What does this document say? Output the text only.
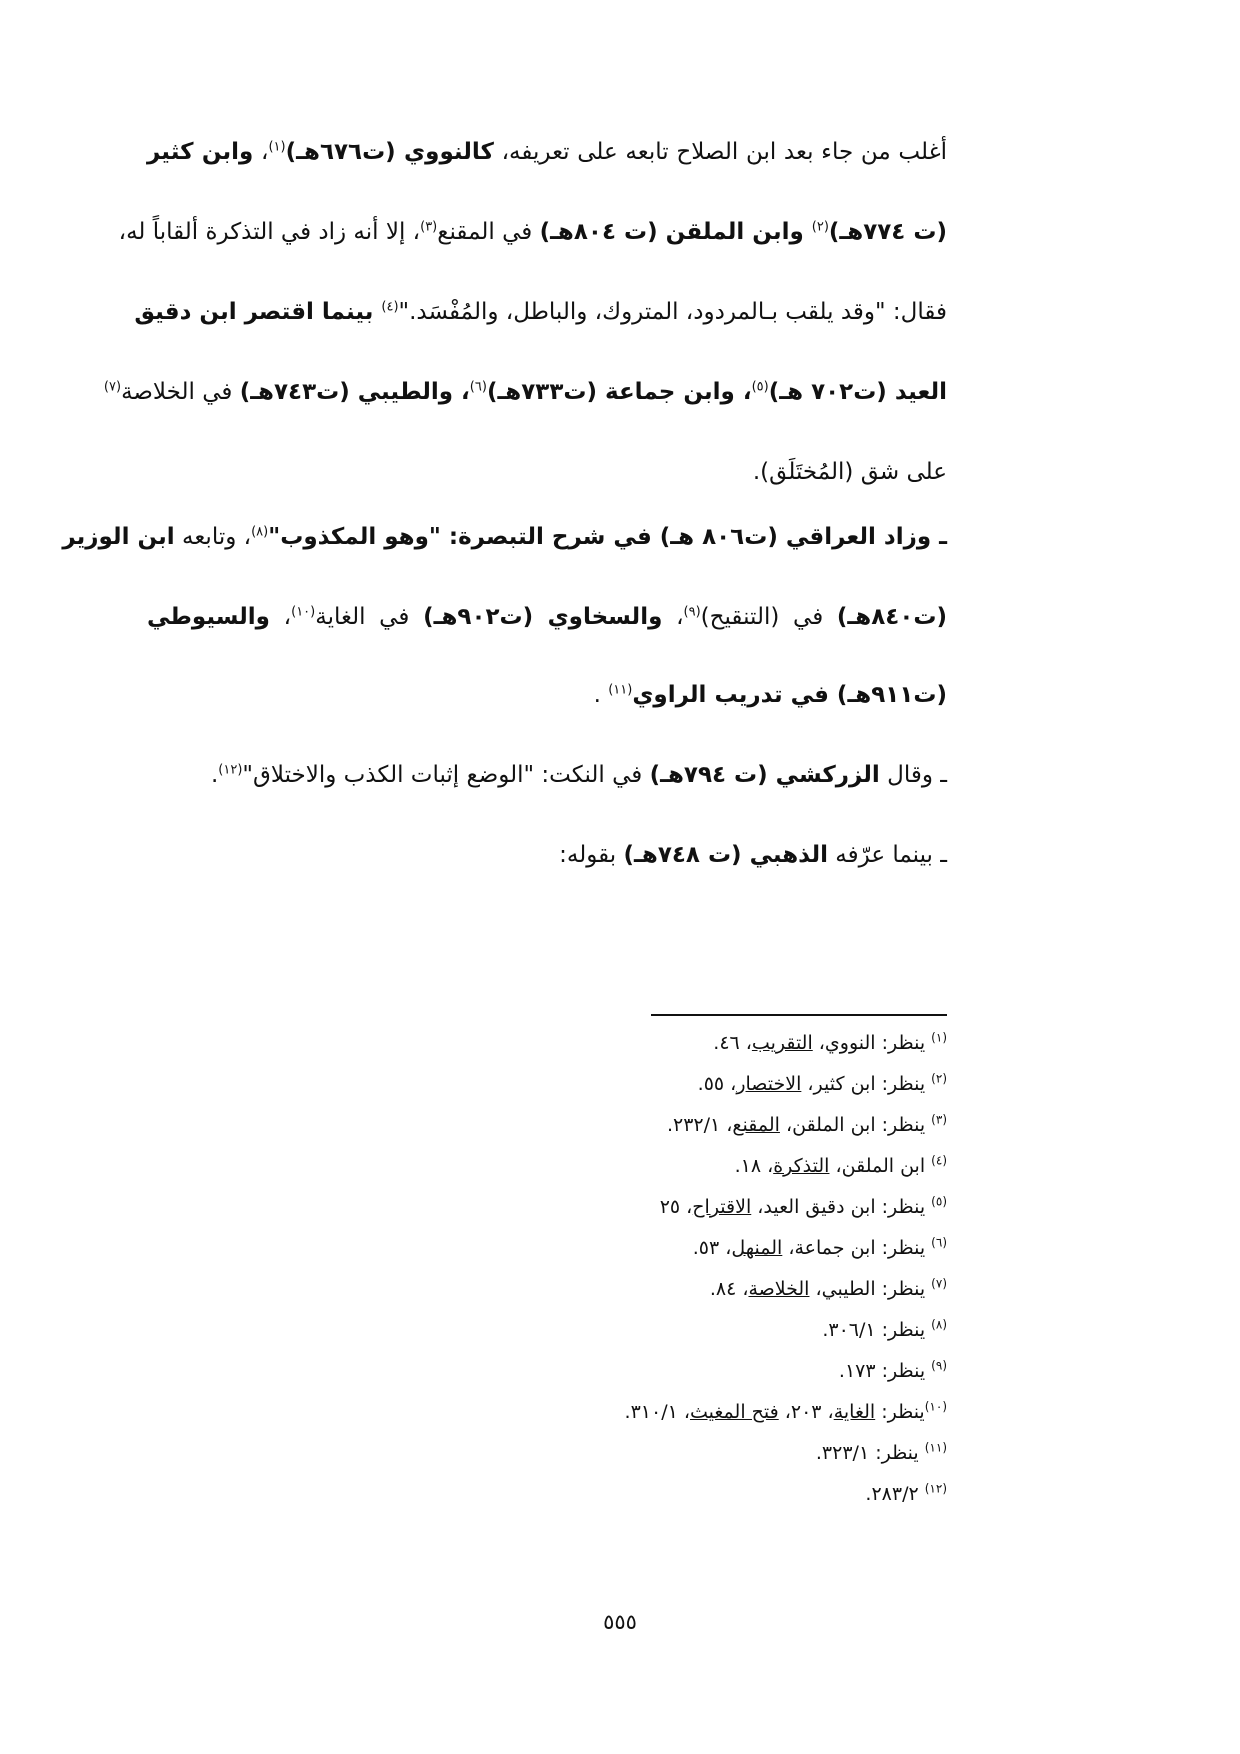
أغلب من جاء بعد ابن الصلاح تابعه على تعريفه، كالنووي (ت٦٧٦هـ)$^{(١)}$، وابن كثير
(ت ٧٧٤هـ)$^{(٢)}$ وابن الملقن (ت ٨٠٤هـ) في المقنع$^{(٣)}$، إلا أنه زاد في التذكرة ألقاباً له،
فقال: "وقد يلقب بـالمردود، المتروك، والباطل، والمُفْسَد."$^{(٤)}$ بينما اقتصر ابن دقيق
العيد (ت٧٠٢ هـ)$^{(٥)}$، وابن جماعة (ت٧٣٣هـ)$^{(٦)}$، والطيبي (ت٧٤٣هـ) في الخلاصة$^{(٧)}$
على شق (المُختَلَق).
ـ وزاد العراقي (ت٨٠٦ هـ) في شرح التبصرة: "وهو المكذوب"$^{(٨)}$، وتابعه ابن الوزير
(ت٨٤٠هـ) في (التنقيح)$^{(٩)}$، والسخاوي (ت٩٠٢هـ) في الغاية$^{(١٠)}$، والسيوطي
(ت٩١١هـ) في تدريب الراوي$^{(١١)}$ .
ـ وقال الزركشي (ت ٧٩٤هـ) في النكت: "الوضع إثبات الكذب والاختلاق"$^{(١٢)}$.
ـ بينما عرّفه الذهبي (ت ٧٤٨هـ) بقوله:
$^{(١)}$ ينظر: النووي، التقريب، ٤٦.
$^{(٢)}$ ينظر: ابن كثير، الاختصار، ٥٥.
$^{(٣)}$ ينظر: ابن الملقن، المقنع، ٢٣٢/١.
$^{(٤)}$ ابن الملقن، التذكرة، ١٨.
$^{(٥)}$ ينظر: ابن دقيق العيد، الاقتراح، ٢٥
$^{(٦)}$ ينظر: ابن جماعة، المنهل، ٥٣.
$^{(٧)}$ ينظر: الطيبي، الخلاصة، ٨٤.
$^{(٨)}$ ينظر: ٣٠٦/١.
$^{(٩)}$ ينظر: ١٧٣.
$^{(١٠)}$ينظر: الغاية، ٢٠٣، فتح المغيث، ٣١٠/١.
$^{(١١)}$ ينظر: ٣٢٣/١.
$^{(١٢)}$ ٢٨٣/٢.
٥٥٥
